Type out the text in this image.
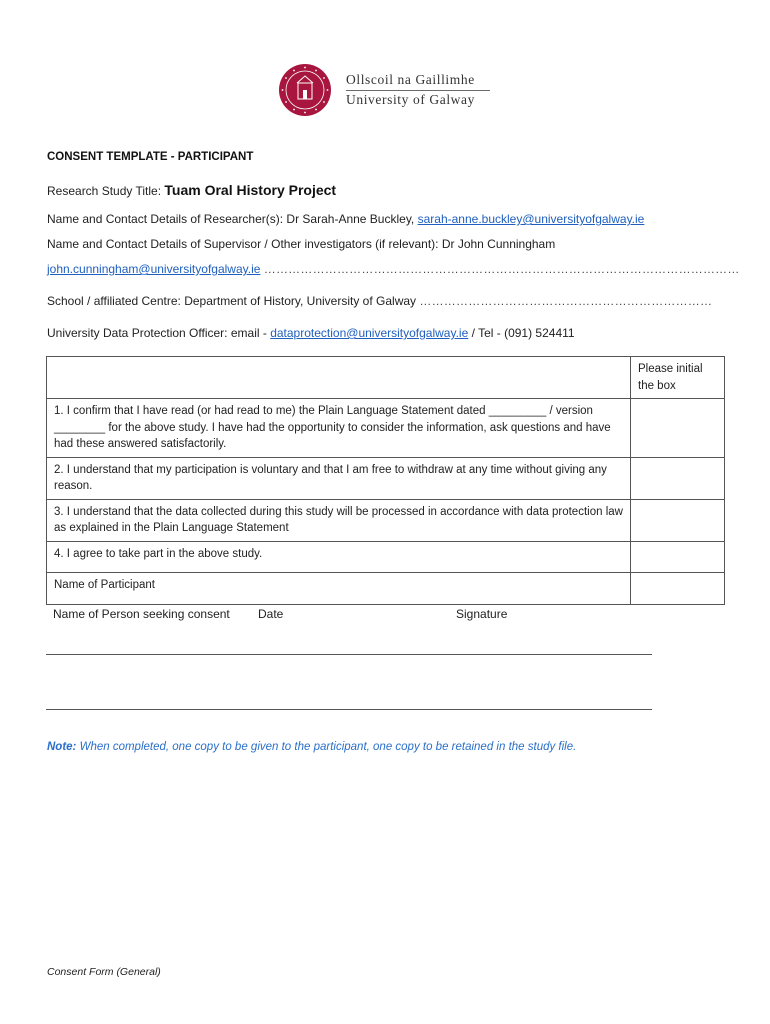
Ollscoil na Gaillimhe
University of Galway
CONSENT TEMPLATE - PARTICIPANT
Research Study Title: Tuam Oral History Project
Name and Contact Details of Researcher(s): Dr Sarah-Anne Buckley, sarah-anne.buckley@universityofgalway.ie
Name and Contact Details of Supervisor / Other investigators (if relevant): Dr John Cunningham
john.cunningham@universityofgalway.ie ………………………………………………………………………………………………………
School / affiliated Centre: Department of History, University of Galway ………………………………………………………………
University Data Protection Officer: email - dataprotection@universityofgalway.ie / Tel - (091) 524411
	Please initial the box
1. I confirm that I have read (or had read to me) the Plain Language Statement dated _________ / version ________ for the above study. I have had the opportunity to consider the information, ask questions and have had these answered satisfactorily.	
2. I understand that my participation is voluntary and that I am free to withdraw at any time without giving any reason.	
3. I understand that the data collected during this study will be processed in accordance with data protection law as explained in the Plain Language Statement	
4. I agree to take part in the above study.	
Name of Participant	
Name of Person seeking consent Date	Signature
Note: When completed, one copy to be given to the participant, one copy to be retained in the study file.
Consent Form (General)
